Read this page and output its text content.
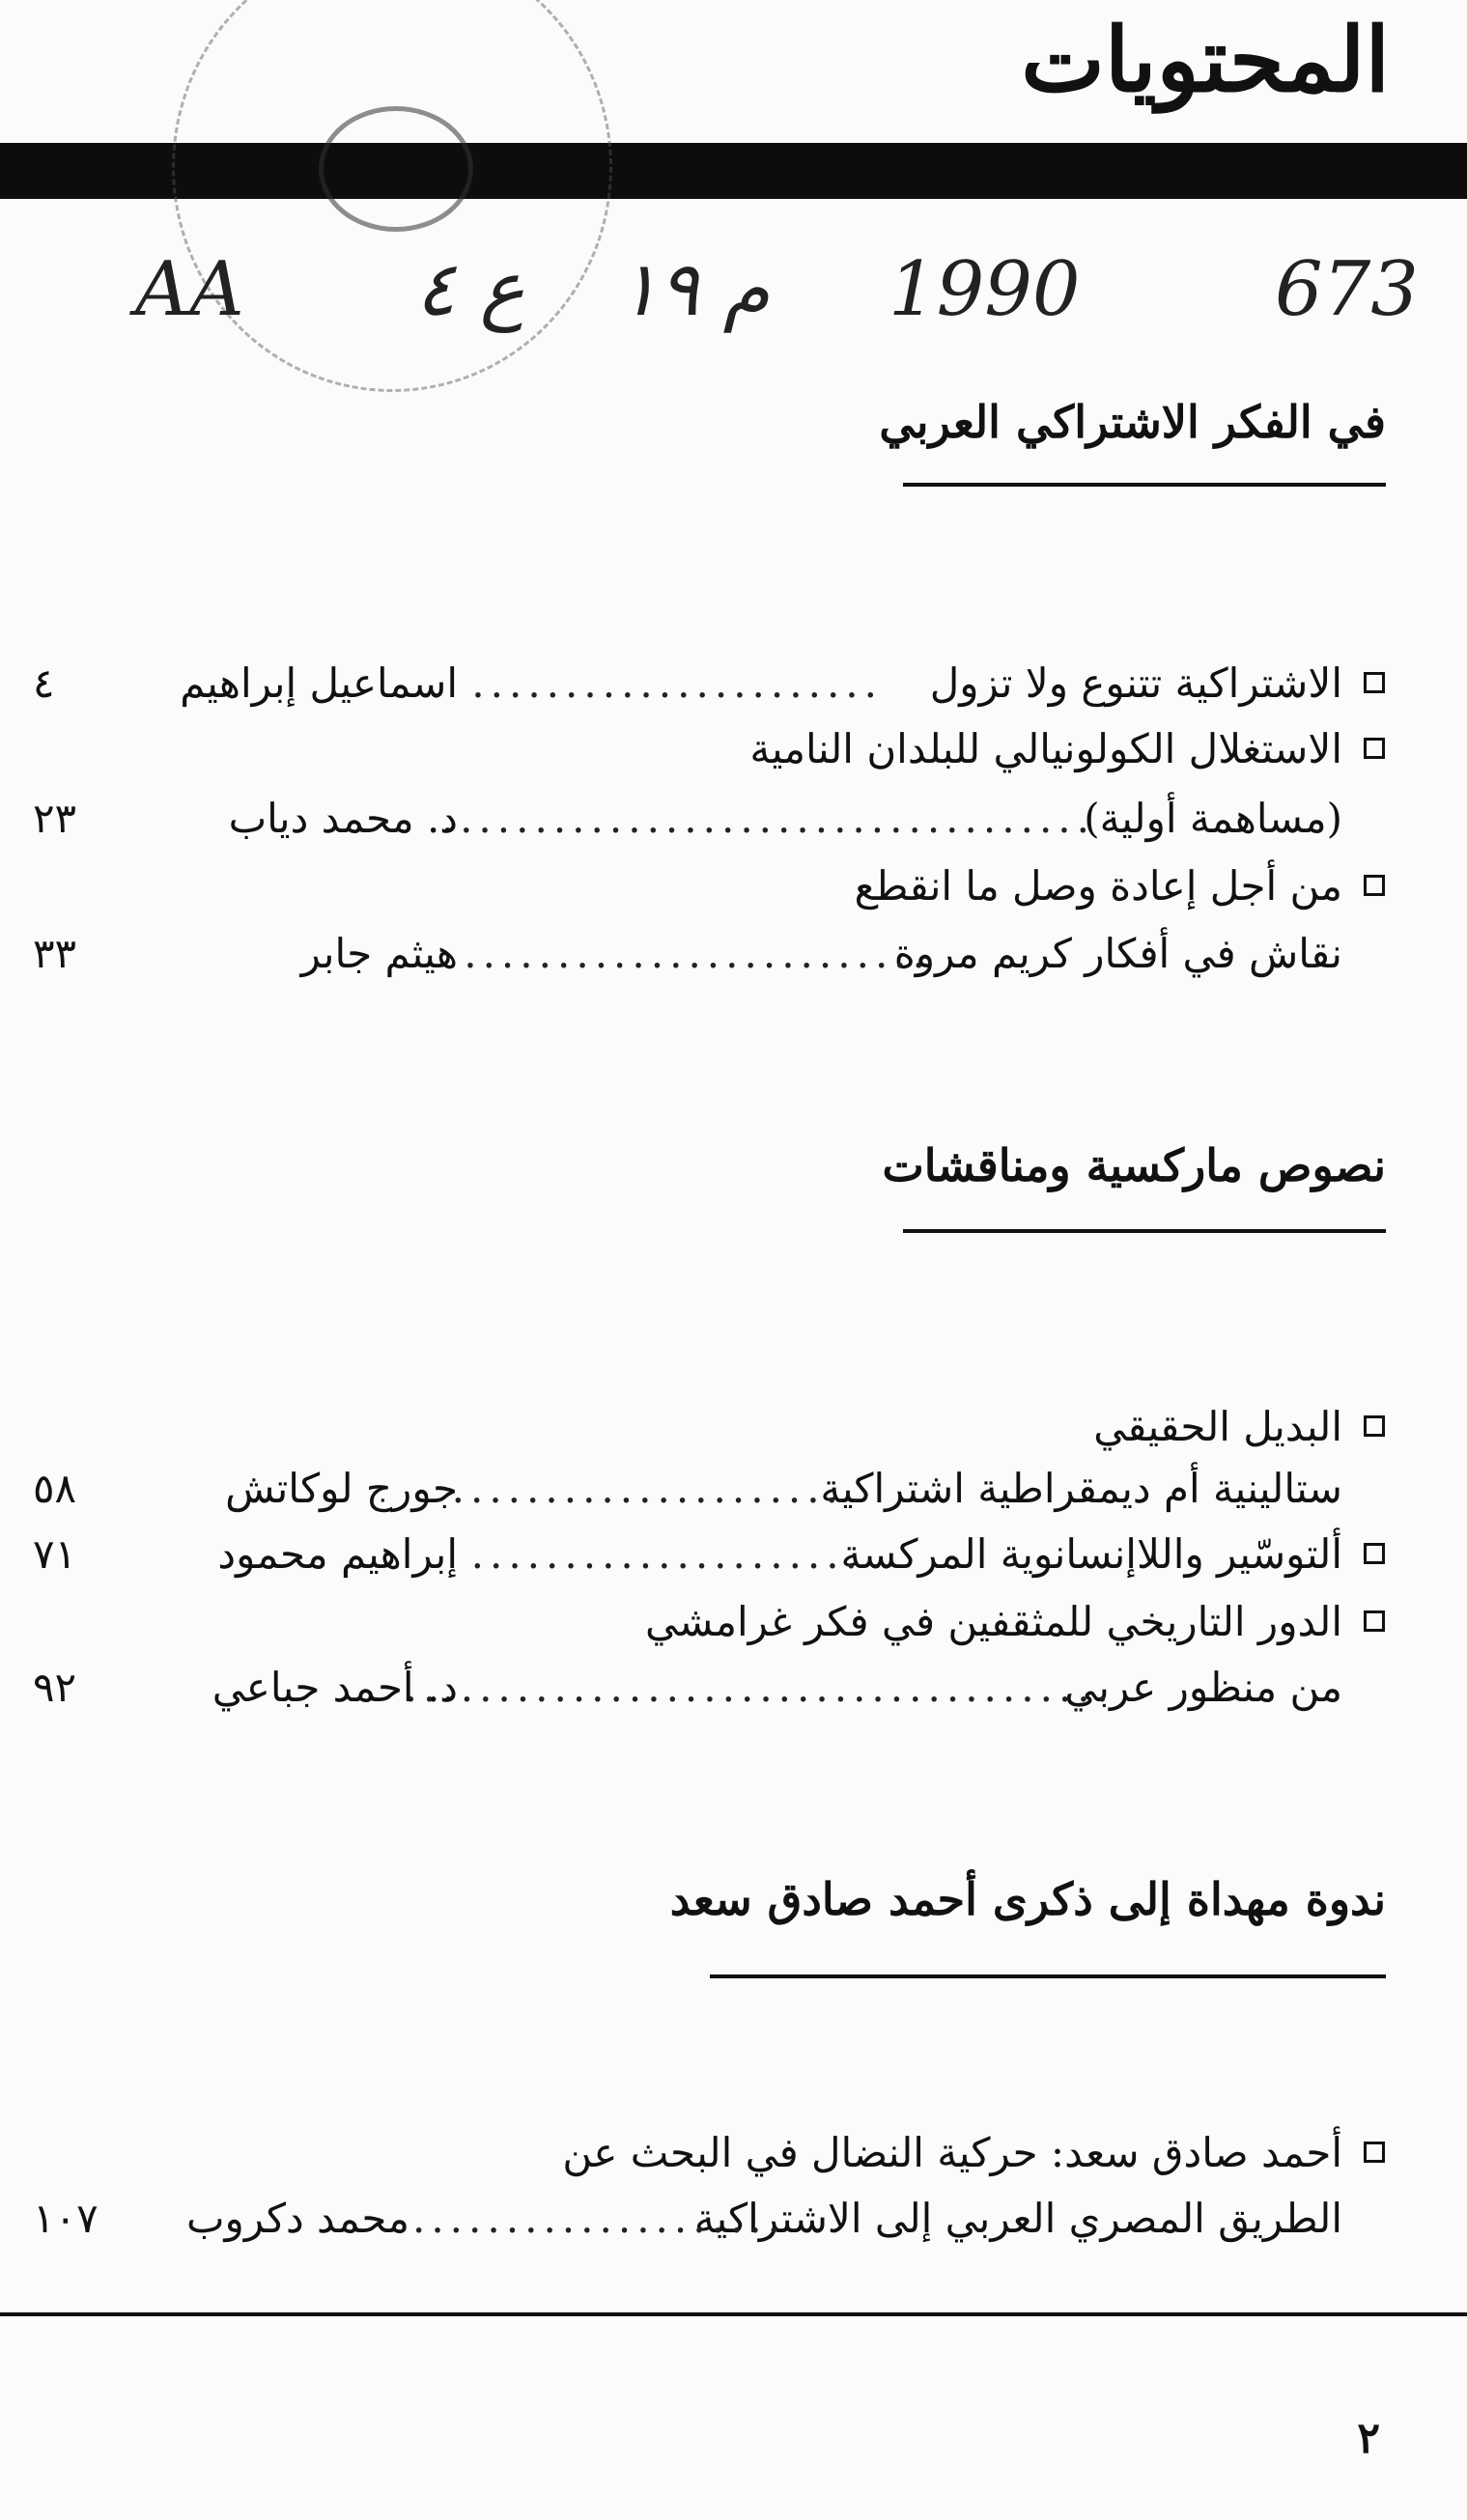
المحتويات
AA ع ٤ م ١٩ 1990	673
في الفكر الاشتراكي العربي
الاشتراكية تتنوع ولا تزول
......................
اسماعيل إبراهيم
٤
الاستغلال الكولونيالي للبلدان النامية
(مساهمة أولية)
...................................
د. محمد دياب
٢٣
من أجل إعادة وصل ما انقطع
نقاش في أفكار كريم مروة
.........................
هيثم جابر
٣٣
نصوص ماركسية ومناقشات
البديل الحقيقي
ستالينية أم ديمقراطية اشتراكية
.....................
جورج لوكاتش
٥٨
ألتوسّير واللاإنسانوية المركسة
.....................
إبراهيم محمود
٧١
الدور التاريخي للمثقفين في فكر غرامشي
من منظور عربي
......................................
د. أحمد جباعي
٩٢
ندوة مهداة إلى ذكرى أحمد صادق سعد
أحمد صادق سعد: حركية النضال في البحث عن
الطريق المصري العربي إلى الاشتراكية
....................
محمد دكروب
١٠٧
٢
